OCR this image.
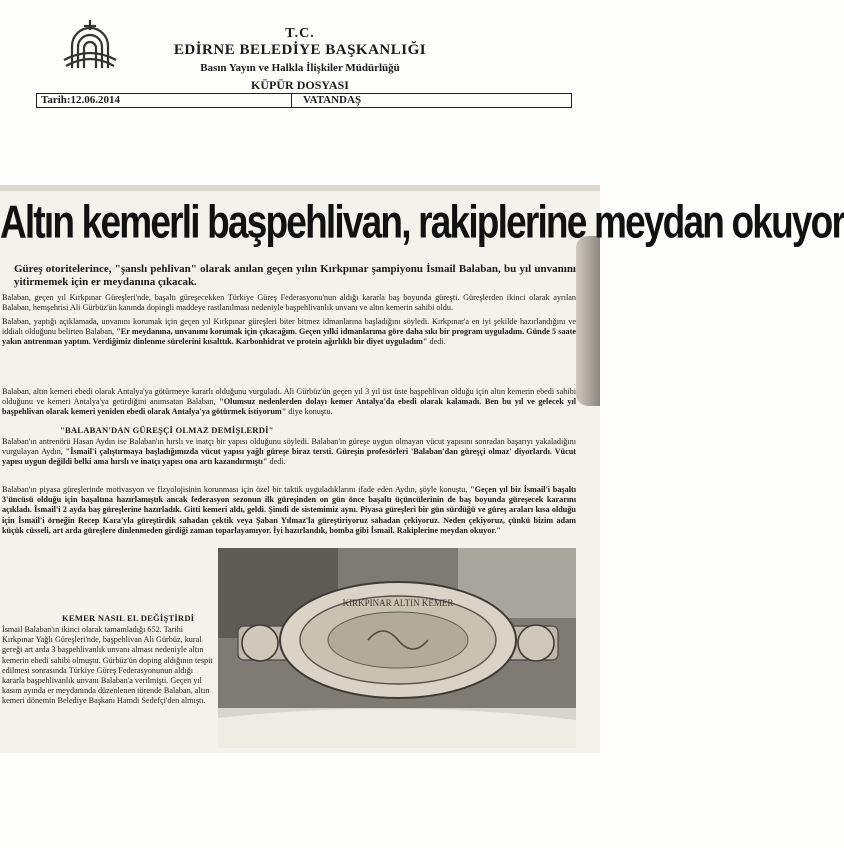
T.C.
EDİRNE BELEDİYE BAŞKANLIĞI
Basın Yayın ve Halkla İlişkiler Müdürlüğü
KÜPÜR DOSYASI
Tarih:12.06.2014	VATANDAŞ
Altın kemerli başpehlivan, rakiplerine meydan okuyor
Güreş otoritelerince, "şanslı pehlivan" olarak anılan geçen yılın Kırkpınar şampiyonu İsmail Balaban, bu yıl unvanını yitirmemek için er meydanına çıkacak.
Balaban, geçen yıl Kırkpınar Güreşleri'nde, başaltı güreşecekken Türkiye Güreş Federasyonu'nun aldığı kararla baş boyunda güreşti. Güreşlerden ikinci olarak ayrılan Balaban, hemşehrisi Ali Gürbüz'ün kanında dopingli maddeye rastlanılması nedeniyle başpehlivanlık unvanı ve altın kemerin sahibi oldu.
Balaban, yaptığı açıklamada, unvanını korumak için geçen yıl Kırkpınar güreşleri biter bitmez idmanlarına başladığını söyledi. Kırkpınar'a en iyi şekilde hazırlandığını ve iddialı olduğunu belirten Balaban, "Er meydanına, unvanımı korumak için çıkacağım. Geçen yılki idmanlarıma göre daha sıkı bir program uyguladım. Günde 5 saate yakın antrenman yaptım. Verdiğimiz dinlenme sürelerini kısalttık. Karbonhidrat ve protein ağırlıklı bir diyet uyguladım" dedi.
Balaban, altın kemeri ebedi olarak Antalya'ya götürmeye kararlı olduğunu vurguladı. Ali Gürbüz'ün geçen yıl 3 yıl üst üste başpehlivan olduğu için altın kemerin ebedi sahibi olduğunu ve kemeri Antalya'ya getirdiğini anımsatan Balaban, "Olumsuz nedenlerden dolayı kemer Antalya'da ebedi olarak kalamadı. Ben bu yıl ve gelecek yıl başpehlivan olarak kemeri yeniden ebedi olarak Antalya'ya götürmek istiyorum" diye konuştu.
"BALABAN'DAN GÜREŞÇİ OLMAZ DEMİŞLERDİ"
Balaban'ın antrenörü Hasan Aydın ise Balaban'ın hırslı ve inatçı bir yapısı olduğunu söyledi. Balaban'ın güreşe uygun olmayan vücut yapısını sonradan başarıyı yakaladığını vurgulayan Aydın, "İsmail'i çalıştırmaya başladığımızda vücut yapısı yağlı güreşe biraz tersti. Güreşin profesörleri 'Balaban'dan güreşçi olmaz' diyorlardı. Vücut yapısı uygun değildi belki ama hırslı ve inatçı yapısı ona artı kazandırmıştı" dedi.
Balaban'ın piyasa güreşlerinde motivasyon ve fizyolojisinin korunması için özel bir taktik uyguladıklarını ifade eden Aydın, şöyle konuştu, "Geçen yıl biz İsmail'i başaltı 3'üncüsü olduğu için başaltına hazırlamıştık ancak federasyon sezonun ilk güreşinden on gün önce başaltı üçüncülerinin de baş boyunda güreşecek kararını açıkladı. İsmail'i 2 ayda baş güreşlerine hazırladık. Gitti kemeri aldı, geldi. Şimdi de sistemimiz aynı. Piyasa güreşleri bir gün sürdüğü ve güreş araları kısa olduğu için İsmail'i örneğin Recep Kara'yla güreştirdik sahadan çektik veya Şaban Yılmaz'la güreştiriyoruz sahadan çekiyoruz. Neden çekiyoruz, çünkü bizim adam küçük cüsseli, art arda güreşlere dinlenmeden girdiği zaman toparlayamıyor. İyi hazırlandık, bomba gibi İsmail. Rakiplerine meydan okuyor."
KEMER NASIL EL DEĞİŞTİRDİ
İsmail Balaban'ın ikinci olarak tamamladığı 652. Tarihi Kırkpınar Yağlı Güreşleri'nde, başpehlivan Ali Gürbüz, kural gereği art arda 3 başpehlivanlık unvanı alması nedeniyle altın kemerin ebedi sahibi olmuştu. Gürbüz'ün doping aldığının tespit edilmesi sonrasında Türkiye Güreş Federasyonunun aldığı kararla başpehlivanlık unvanı Balaban'a verilmişti. Geçen yıl kasım ayında er meydanında düzenlenen törende Balaban, altın kemeri dönemin Belediye Başkanı Hamdi Sedefçi'den almıştı.
KIRKPINAR ALTIN KEMER
